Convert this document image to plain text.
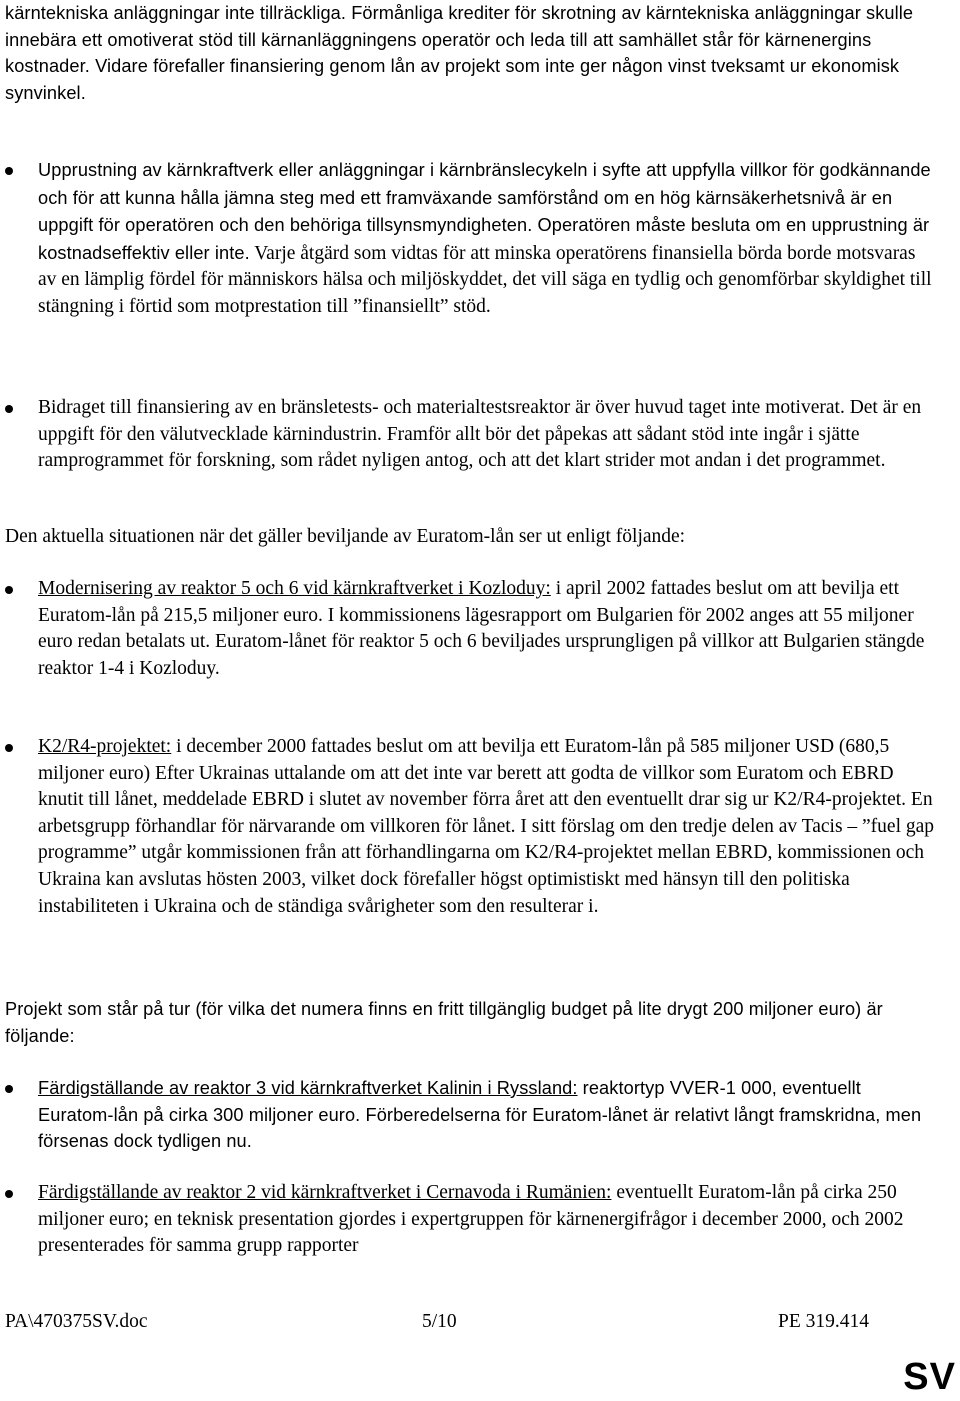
kärntekniska anläggningar inte tillräckliga. Förmånliga krediter för skrotning av kärntekniska anläggningar skulle innebära ett omotiverat stöd till kärnanläggningens operatör och leda till att samhället står för kärnenergins kostnader. Vidare förefaller finansiering genom lån av projekt som inte ger någon vinst tveksamt ur ekonomisk synvinkel.

Upprustning av kärnkraftverk eller anläggningar i kärnbränslecykeln i syfte att uppfylla villkor för godkännande och för att kunna hålla jämna steg med ett framväxande samförstånd om en hög kärnsäkerhetsnivå är en uppgift för operatören och den behöriga tillsynsmyndigheten. Operatören måste besluta om en upprustning är kostnadseffektiv eller inte. Varje åtgärd som vidtas för att minska operatörens finansiella börda borde motsvaras av en lämplig fördel för människors hälsa och miljöskyddet, det vill säga en tydlig och genomförbar skyldighet till stängning i förtid som motprestation till ”finansiellt” stöd.

Bidraget till finansiering av en bränsletests- och materialtestsreaktor är över huvud taget inte motiverat. Det är en uppgift för den välutvecklade kärnindustrin. Framför allt bör det påpekas att sådant stöd inte ingår i sjätte ramprogrammet för forskning, som rådet nyligen antog, och att det klart strider mot andan i det programmet.

Den aktuella situationen när det gäller beviljande av Euratom-lån ser ut enligt följande:

Modernisering av reaktor 5 och 6 vid kärnkraftverket i Kozloduy: i april 2002 fattades beslut om att bevilja ett Euratom-lån på 215,5 miljoner euro. I kommissionens lägesrapport om Bulgarien för 2002 anges att 55 miljoner euro redan betalats ut. Euratom-lånet för reaktor 5 och 6 beviljades ursprungligen på villkor att Bulgarien stängde reaktor 1-4 i Kozloduy.

K2/R4-projektet: i december 2000 fattades beslut om att bevilja ett Euratom-lån på 585 miljoner USD (680,5 miljoner euro) Efter Ukrainas uttalande om att det inte var berett att godta de villkor som Euratom och EBRD knutit till lånet, meddelade EBRD i slutet av november förra året att den eventuellt drar sig ur K2/R4-projektet. En arbetsgrupp förhandlar för närvarande om villkoren för lånet. I sitt förslag om den tredje delen av Tacis – ”fuel gap programme” utgår kommissionen från att förhandlingarna om K2/R4-projektet mellan EBRD, kommissionen och Ukraina kan avslutas hösten 2003, vilket dock förefaller högst optimistiskt med hänsyn till den politiska instabiliteten i Ukraina och de ständiga svårigheter som den resulterar i.

Projekt som står på tur (för vilka det numera finns en fritt tillgänglig budget på lite drygt 200 miljoner euro) är följande:

Färdigställande av reaktor 3 vid kärnkraftverket Kalinin i Ryssland: reaktortyp VVER-1 000, eventuellt Euratom-lån på cirka 300 miljoner euro. Förberedelserna för Euratom-lånet är relativt långt framskridna, men försenas dock tydligen nu.

Färdigställande av reaktor 2 vid kärnkraftverket i Cernavoda i Rumänien: eventuellt Euratom-lån på cirka 250 miljoner euro; en teknisk presentation gjordes i expertgruppen för kärnenergifrågor i december 2000, och 2002 presenterades för samma grupp rapporter

PA\470375SV.doc	5/10	PE 319.414
SV
